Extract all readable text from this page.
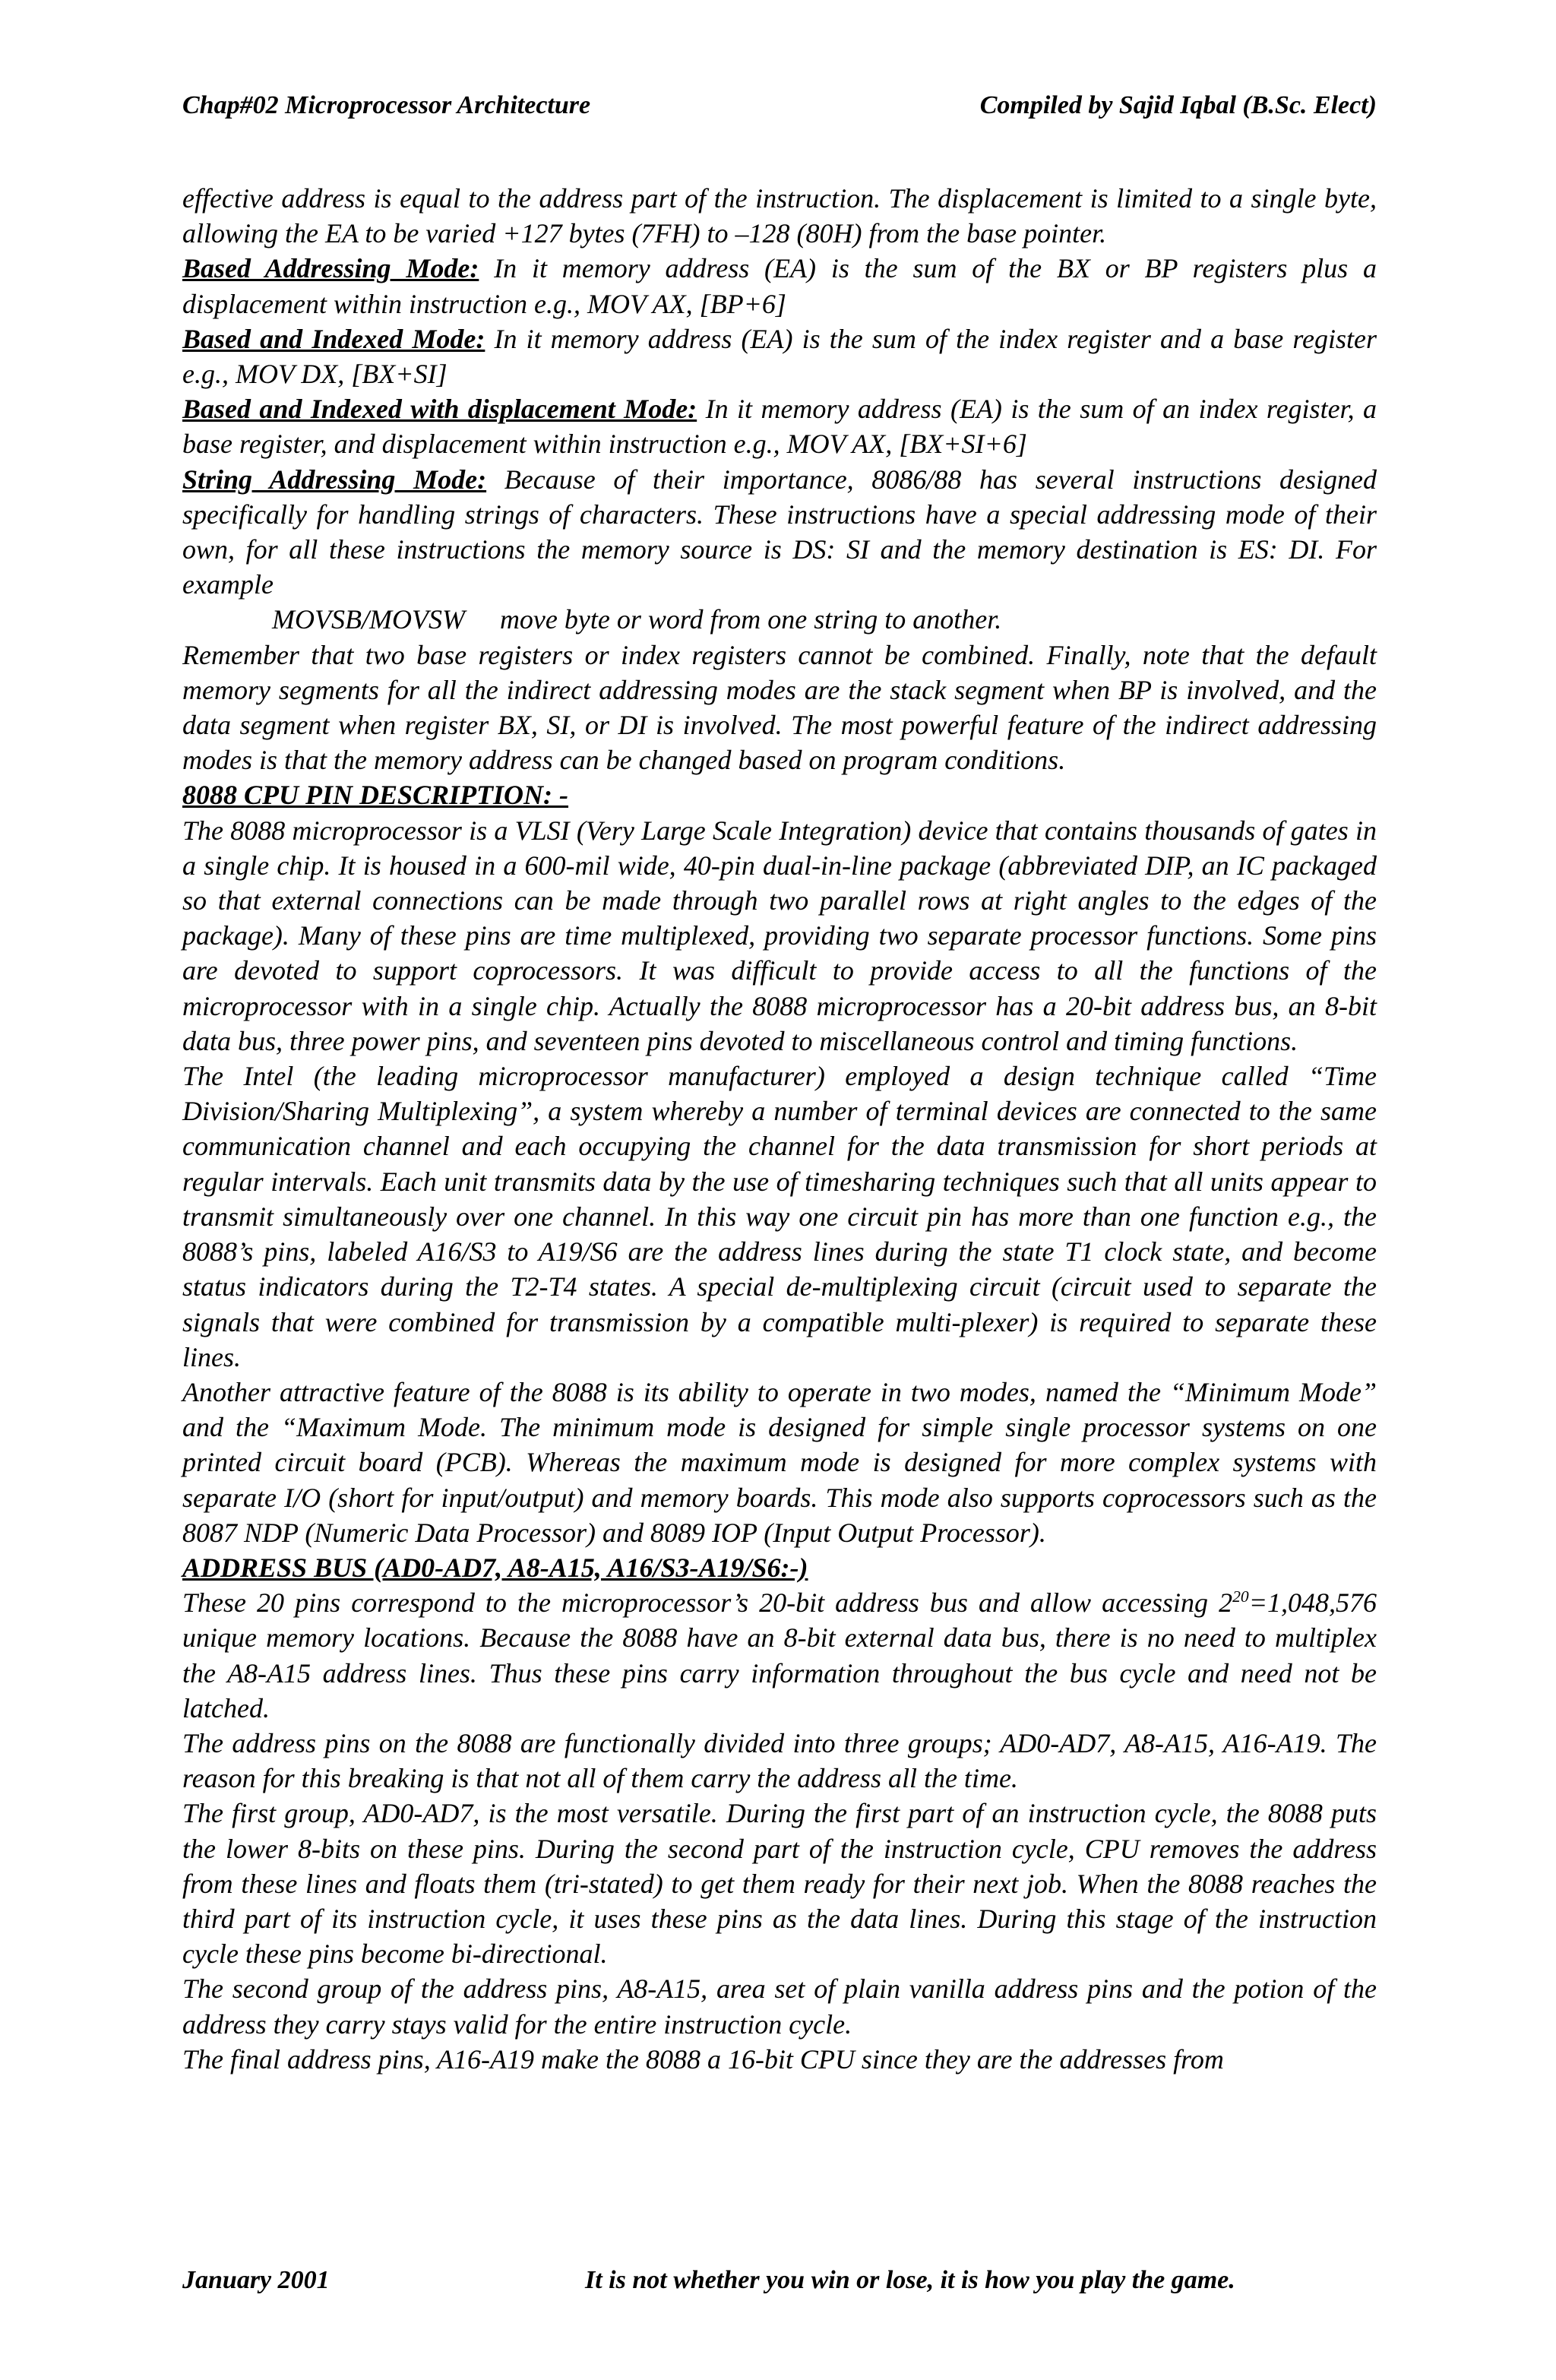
Chap#02 Microprocessor Architecture	Compiled by Sajid Iqbal (B.Sc. Elect)

effective address is equal to the address part of the instruction. The displacement is limited to a single byte, allowing the EA to be varied +127 bytes (7FH) to –128 (80H) from the base pointer.

Based Addressing Mode: In it memory address (EA) is the sum of the BX or BP registers plus a displacement within instruction e.g., MOV AX, [BP+6]

Based and Indexed Mode: In it memory address (EA) is the sum of the index register and a base register e.g., MOV DX, [BX+SI]

Based and Indexed with displacement Mode: In it memory address (EA) is the sum of an index register, a base register, and displacement within instruction e.g., MOV AX, [BX+SI+6]

String Addressing Mode: Because of their importance, 8086/88 has several instructions designed specifically for handling strings of characters. These instructions have a special addressing mode of their own, for all these instructions the memory source is DS: SI and the memory destination is ES: DI. For example

MOVSB/MOVSW move byte or word from one string to another.

Remember that two base registers or index registers cannot be combined. Finally, note that the default memory segments for all the indirect addressing modes are the stack segment when BP is involved, and the data segment when register BX, SI, or DI is involved. The most powerful feature of the indirect addressing modes is that the memory address can be changed based on program conditions.

8088 CPU PIN DESCRIPTION: -

The 8088 microprocessor is a VLSI (Very Large Scale Integration) device that contains thousands of gates in a single chip. It is housed in a 600-mil wide, 40-pin dual-in-line package (abbreviated DIP, an IC packaged so that external connections can be made through two parallel rows at right angles to the edges of the package). Many of these pins are time multiplexed, providing two separate processor functions. Some pins are devoted to support coprocessors. It was difficult to provide access to all the functions of the microprocessor with in a single chip. Actually the 8088 microprocessor has a 20-bit address bus, an 8-bit data bus, three power pins, and seventeen pins devoted to miscellaneous control and timing functions.

The Intel (the leading microprocessor manufacturer) employed a design technique called “Time Division/Sharing Multiplexing”, a system whereby a number of terminal devices are connected to the same communication channel and each occupying the channel for the data transmission for short periods at regular intervals. Each unit transmits data by the use of timesharing techniques such that all units appear to transmit simultaneously over one channel. In this way one circuit pin has more than one function e.g., the 8088’s pins, labeled A16/S3 to A19/S6 are the address lines during the state T1 clock state, and become status indicators during the T2-T4 states. A special de-multiplexing circuit (circuit used to separate the signals that were combined for transmission by a compatible multi-plexer) is required to separate these lines.

Another attractive feature of the 8088 is its ability to operate in two modes, named the “Minimum Mode” and the “Maximum Mode. The minimum mode is designed for simple single processor systems on one printed circuit board (PCB). Whereas the maximum mode is designed for more complex systems with separate I/O (short for input/output) and memory boards. This mode also supports coprocessors such as the 8087 NDP (Numeric Data Processor) and 8089 IOP (Input Output Processor).

ADDRESS BUS (AD0-AD7, A8-A15, A16/S3-A19/S6:-)

These 20 pins correspond to the microprocessor’s 20-bit address bus and allow accessing $2^{20}=1,048,576$ unique memory locations. Because the 8088 have an 8-bit external data bus, there is no need to multiplex the A8-A15 address lines. Thus these pins carry information throughout the bus cycle and need not be latched.

The address pins on the 8088 are functionally divided into three groups; AD0-AD7, A8-A15, A16-A19. The reason for this breaking is that not all of them carry the address all the time.

The first group, AD0-AD7, is the most versatile. During the first part of an instruction cycle, the 8088 puts the lower 8-bits on these pins. During the second part of the instruction cycle, CPU removes the address from these lines and floats them (tri-stated) to get them ready for their next job. When the 8088 reaches the third part of its instruction cycle, it uses these pins as the data lines. During this stage of the instruction cycle these pins become bi-directional.

The second group of the address pins, A8-A15, area set of plain vanilla address pins and the potion of the address they carry stays valid for the entire instruction cycle.

The final address pins, A16-A19 make the 8088 a 16-bit CPU since they are the addresses from

January 2001	It is not whether you win or lose, it is how you play the game.
